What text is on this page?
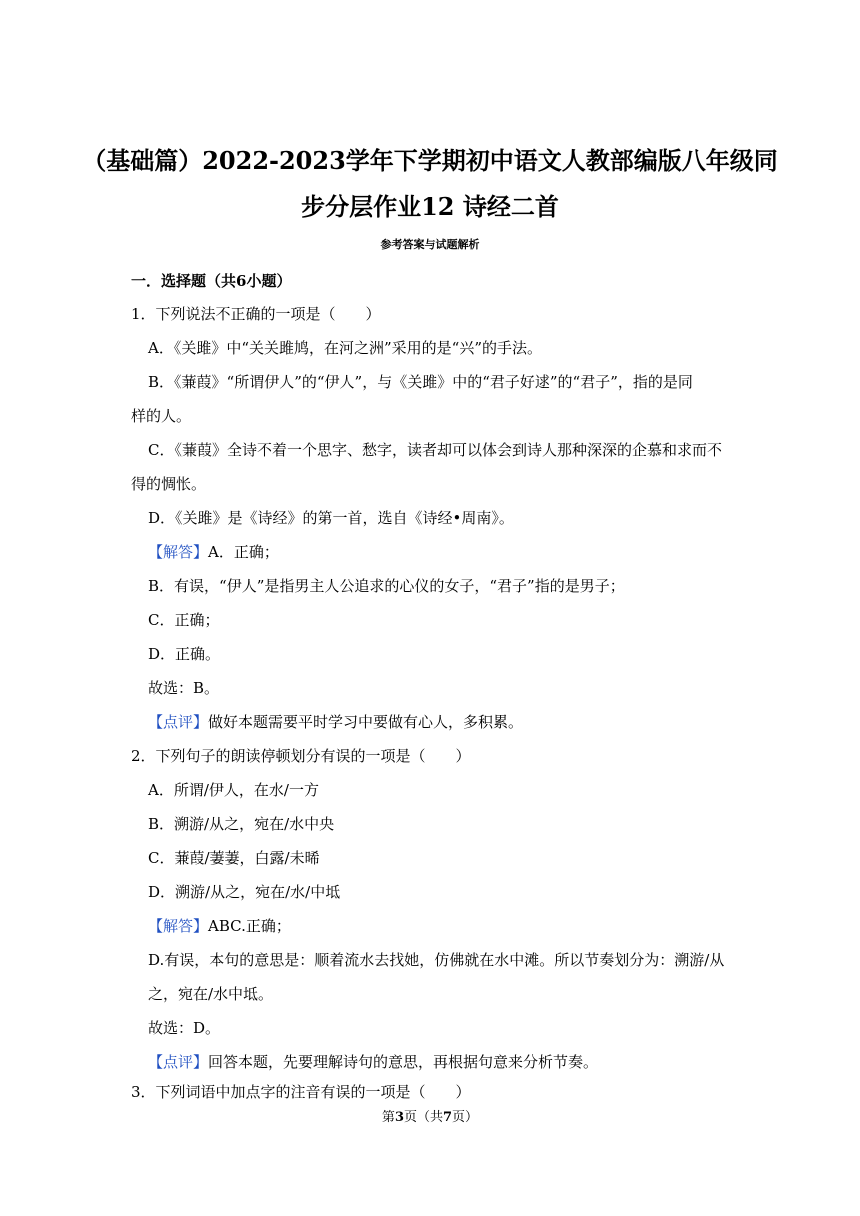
（基础篇）2022-2023学年下学期初中语文人教部编版八年级同
步分层作业12 诗经二首
参考答案与试题解析
一．选择题（共6小题）
1．下列说法不正确的一项是（　　）
A．《关雎》中“关关雎鸠，在河之洲”采用的是“兴”的手法。
B．《蒹葭》“所谓伊人”的“伊人”，与《关雎》中的“君子好逑”的“君子”，指的是同
样的人。
C．《蒹葭》全诗不着一个思字、愁字，读者却可以体会到诗人那种深深的企慕和求而不
得的惆怅。
D．《关雎》是《诗经》的第一首，选自《诗经•周南》。
【解答】A．正确；
B．有误，“伊人”是指男主人公追求的心仪的女子，“君子”指的是男子；
C．正确；
D．正确。
故选：B。
【点评】做好本题需要平时学习中要做有心人，多积累。
2．下列句子的朗读停顿划分有误的一项是（　　）
A．所谓/伊人，在水/一方
B．溯游/从之，宛在/水中央
C．蒹葭/萋萋，白露/未晞
D．溯游/从之，宛在/水/中坻
【解答】ABC.正确；
D.有误，本句的意思是：顺着流水去找她，仿佛就在水中滩。所以节奏划分为：溯游/从
之，宛在/水中坻。
故选：D。
【点评】回答本题，先要理解诗句的意思，再根据句意来分析节奏。
3．下列词语中加点字的注音有误的一项是（　　）
第3页（共7页）
